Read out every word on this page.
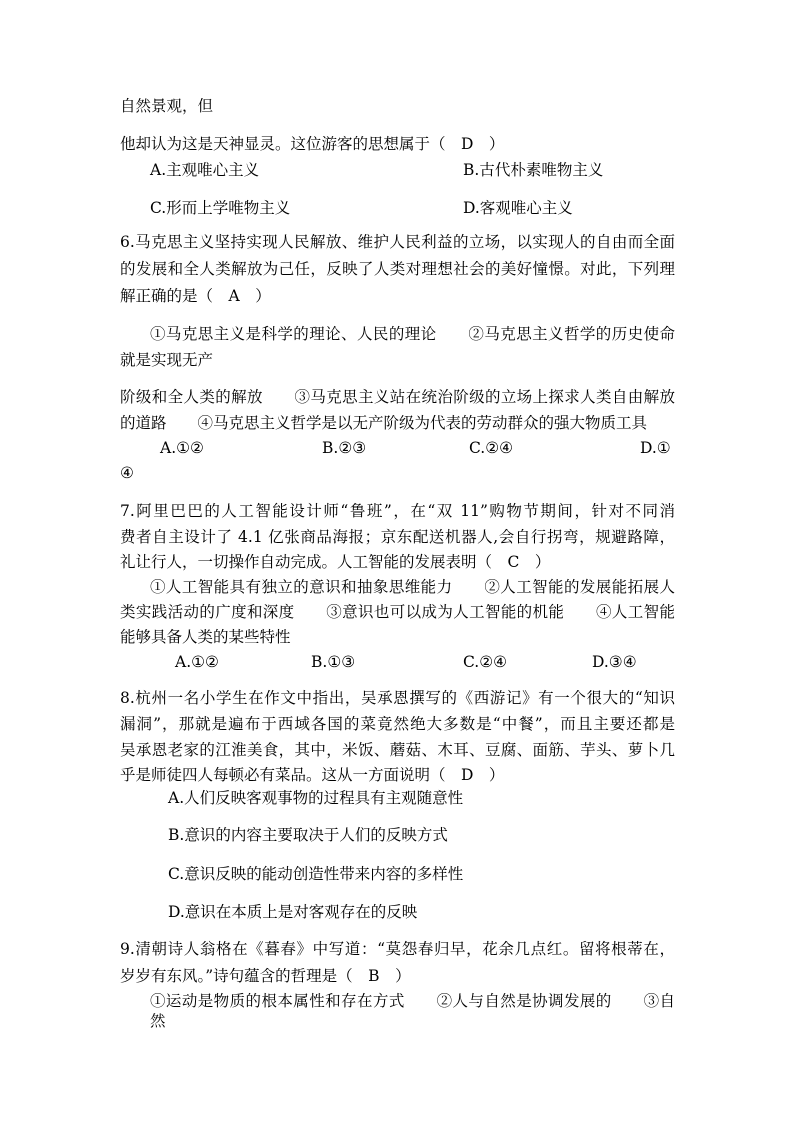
自然景观，但
他却认为这是天神显灵。这位游客的思想属于（　D　）
A.主观唯心主义	B.古代朴素唯物主义
C.形而上学唯物主义	D.客观唯心主义
6.马克思主义坚持实现人民解放、维护人民利益的立场，以实现人的自由而全面
的发展和全人类解放为己任，反映了人类对理想社会的美好憧憬。对此，下列理
解正确的是（　A　）
①马克思主义是科学的理论、人民的理论　　②马克思主义哲学的历史使命
就是实现无产
阶级和全人类的解放　　③马克思主义站在统治阶级的立场上探求人类自由解放
的道路　　④马克思主义哲学是以无产阶级为代表的劳动群众的强大物质工具
A.①②	B.②③	C.②④	D.①
④
7.阿里巴巴的人工智能设计师“鲁班”，在“双 11”购物节期间，针对不同消
费者自主设计了 4.1 亿张商品海报；京东配送机器人,会自行拐弯，规避路障，
礼让行人，一切操作自动完成。人工智能的发展表明（　C　）
①人工智能具有独立的意识和抽象思维能力　　②人工智能的发展能拓展人
类实践活动的广度和深度　　③意识也可以成为人工智能的机能　　④人工智能
能够具备人类的某些特性
A.①②	B.①③	C.②④	D.③④
8.杭州一名小学生在作文中指出，吴承恩撰写的《西游记》有一个很大的“知识
漏洞”，那就是遍布于西域各国的菜竟然绝大多数是“中餐”，而且主要还都是
吴承恩老家的江淮美食，其中，米饭、蘑菇、木耳、豆腐、面筋、芋头、萝卜几
乎是师徒四人每顿必有菜品。这从一方面说明（　D　）
A.人们反映客观事物的过程具有主观随意性
B.意识的内容主要取决于人们的反映方式
C.意识反映的能动创造性带来内容的多样性
D.意识在本质上是对客观存在的反映
9.清朝诗人翁格在《暮春》中写道：“莫怨春归早，花余几点红。留将根蒂在，
岁岁有东风。”诗句蕴含的哲理是（　B　）
①运动是物质的根本属性和存在方式　　②人与自然是协调发展的　　③自然
